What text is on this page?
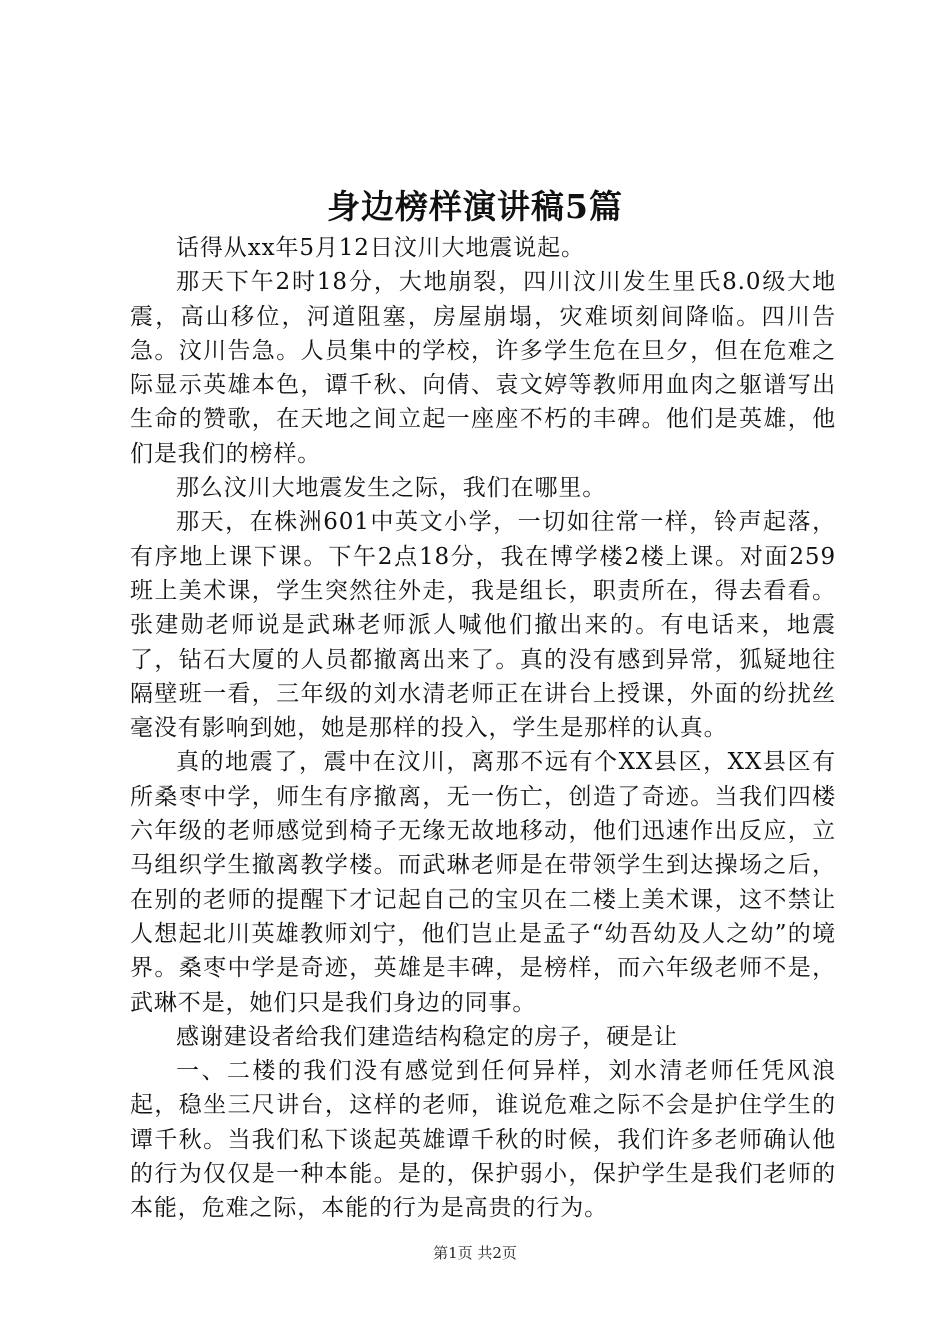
身边榜样演讲稿5篇

话得从xx年5月12日汶川大地震说起。

那天下午2时18分，大地崩裂，四川汶川发生里氏8.0级大地震，高山移位，河道阻塞，房屋崩塌，灾难顷刻间降临。四川告急。汶川告急。人员集中的学校，许多学生危在旦夕，但在危难之际显示英雄本色，谭千秋、向倩、袁文婷等教师用血肉之躯谱写出生命的赞歌，在天地之间立起一座座不朽的丰碑。他们是英雄，他们是我们的榜样。

那么汶川大地震发生之际，我们在哪里。

那天，在株洲601中英文小学，一切如往常一样，铃声起落，有序地上课下课。下午2点18分，我在博学楼2楼上课。对面259班上美术课，学生突然往外走，我是组长，职责所在，得去看看。张建勋老师说是武琳老师派人喊他们撤出来的。有电话来，地震了，钻石大厦的人员都撤离出来了。真的没有感到异常，狐疑地往隔壁班一看，三年级的刘水清老师正在讲台上授课，外面的纷扰丝毫没有影响到她，她是那样的投入，学生是那样的认真。

真的地震了，震中在汶川，离那不远有个XX县区，XX县区有所桑枣中学，师生有序撤离，无一伤亡，创造了奇迹。当我们四楼六年级的老师感觉到椅子无缘无故地移动，他们迅速作出反应，立马组织学生撤离教学楼。而武琳老师是在带领学生到达操场之后，在别的老师的提醒下才记起自己的宝贝在二楼上美术课，这不禁让人想起北川英雄教师刘宁，他们岂止是孟子“幼吾幼及人之幼”的境界。桑枣中学是奇迹，英雄是丰碑，是榜样，而六年级老师不是，武琳不是，她们只是我们身边的同事。

感谢建设者给我们建造结构稳定的房子，硬是让

一、二楼的我们没有感觉到任何异样，刘水清老师任凭风浪起，稳坐三尺讲台，这样的老师，谁说危难之际不会是护住学生的谭千秋。当我们私下谈起英雄谭千秋的时候，我们许多老师确认他的行为仅仅是一种本能。是的，保护弱小，保护学生是我们老师的本能，危难之际，本能的行为是高贵的行为。

第1页 共2页
